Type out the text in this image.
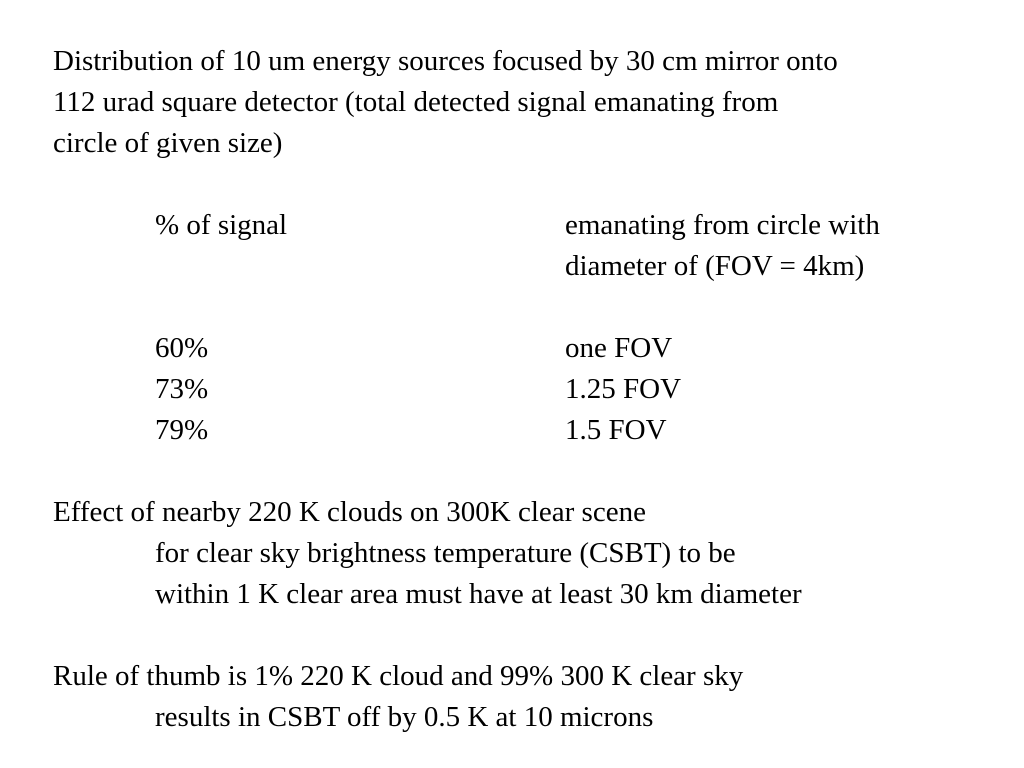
Distribution of 10 um energy sources focused by 30 cm mirror onto
112 urad square detector (total detected signal emanating from
circle of given size)
% of signal	emanating from circle with
diameter of (FOV = 4km)
60%	one FOV
73%	1.25 FOV
79%	1.5 FOV
Effect of nearby 220 K clouds on 300K clear scene
for clear sky brightness temperature (CSBT) to be
within 1 K clear area must have at least 30 km diameter
Rule of thumb is 1% 220 K cloud and 99% 300 K clear sky
results in CSBT off by 0.5 K at 10 microns
